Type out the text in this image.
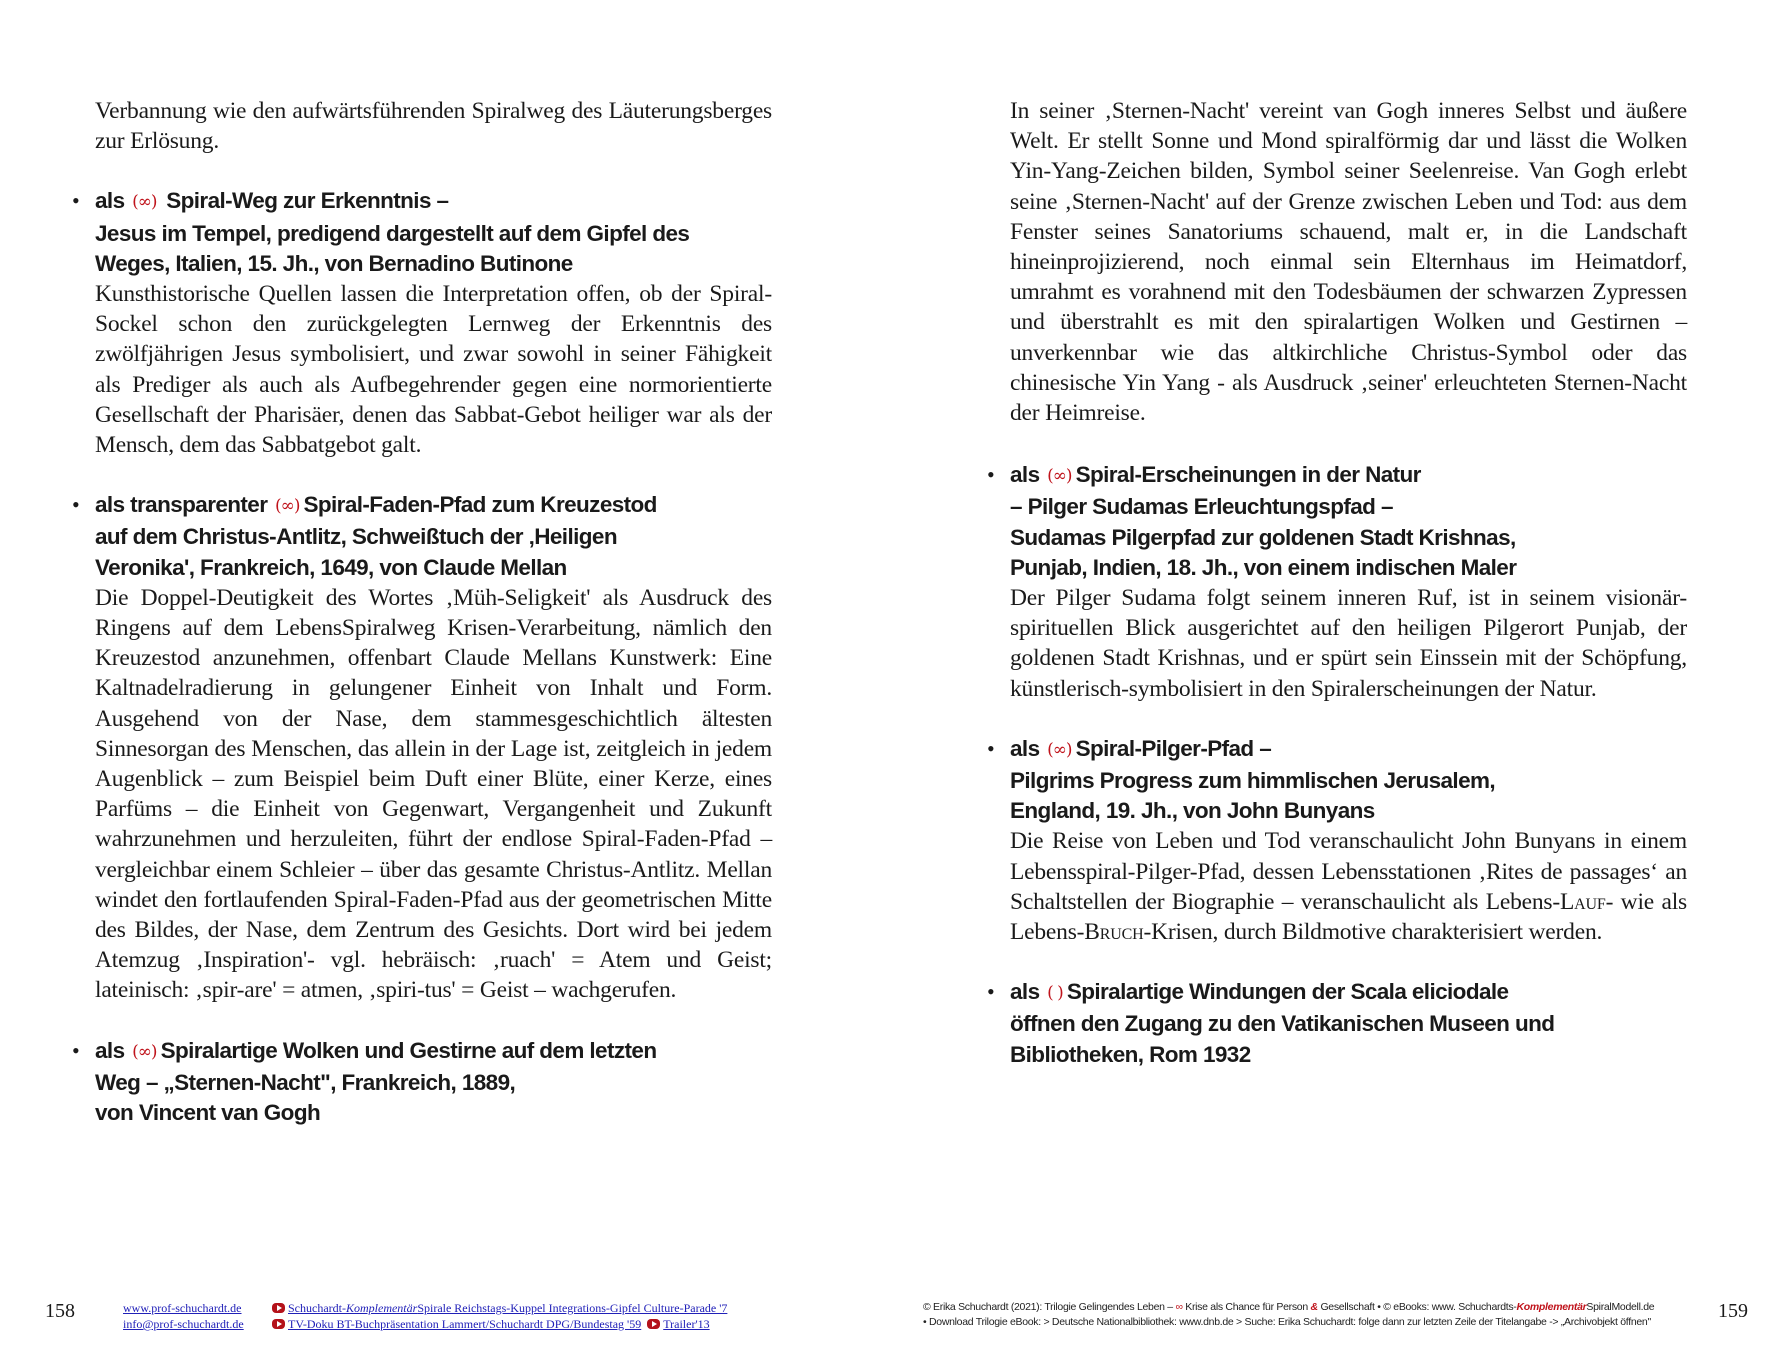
Verbannung wie den aufwärtsführenden Spiralweg des Läuterungsberges zur Erlösung.

• als (∞) Spiral-Weg zur Erkenntnis –
Jesus im Tempel, predigend dargestellt auf dem Gipfel des
Weges, Italien, 15. Jh., von Bernadino Butinone

Kunsthistorische Quellen lassen die Interpretation offen, ob der Spiral-Sockel schon den zurückgelegten Lernweg der Erkenntnis des zwölfjährigen Jesus symbolisiert, und zwar sowohl in seiner Fähigkeit als Prediger als auch als Aufbegehrender gegen eine normorientierte Gesellschaft der Pharisäer, denen das Sabbat-Gebot heiliger war als der Mensch, dem das Sabbatgebot galt.

• als transparenter (∞) Spiral-Faden-Pfad zum Kreuzestod
auf dem Christus-Antlitz, Schweißtuch der ‚Heiligen
Veronika', Frankreich, 1649, von Claude Mellan

Die Doppel-Deutigkeit des Wortes ‚Müh-Seligkeit' als Ausdruck des Ringens auf dem LebensSpiralweg Krisen-Verarbeitung, nämlich den Kreuzestod anzunehmen, offenbart Claude Mellans Kunstwerk: Eine Kaltnadelradierung in gelungener Einheit von Inhalt und Form. Ausgehend von der Nase, dem stammesgeschichtlich ältesten Sinnesorgan des Menschen, das allein in der Lage ist, zeitgleich in jedem Augenblick – zum Beispiel beim Duft einer Blüte, einer Kerze, eines Parfüms – die Einheit von Gegenwart, Vergangenheit und Zukunft wahrzunehmen und herzuleiten, führt der endlose Spiral-Faden-Pfad – vergleichbar einem Schleier – über das gesamte Christus-Antlitz. Mellan windet den fortlaufenden Spiral-Faden-Pfad aus der geometrischen Mitte des Bildes, der Nase, dem Zentrum des Gesichts. Dort wird bei jedem Atemzug ‚Inspiration'- vgl. hebräisch: ‚ruach' = Atem und Geist; lateinisch: ‚spir-are' = atmen, ‚spiri-tus' = Geist – wachgerufen.

• als (∞) Spiralartige Wolken und Gestirne auf dem letzten
Weg – „Sternen-Nacht", Frankreich, 1889,
von Vincent van Gogh
158	www.prof-schuchardt.de
info@prof-schuchardt.de
Schuchardt-KomplementärSpirale Reichstags-Kuppel Integrations-Gipfel Culture-Parade '7
TV-Doku BT-Buchpräsentation Lammert/Schuchardt DPG/Bundestag '59 Trailer'13

In seiner ‚Sternen-Nacht' vereint van Gogh inneres Selbst und äußere Welt. Er stellt Sonne und Mond spiralförmig dar und lässt die Wolken Yin-Yang-Zeichen bilden, Symbol seiner Seelenreise. Van Gogh erlebt seine ‚Sternen-Nacht' auf der Grenze zwischen Leben und Tod: aus dem Fenster seines Sanatoriums schauend, malt er, in die Landschaft hineinprojizierend, noch einmal sein Elternhaus im Heimatdorf, umrahmt es vorahnend mit den Todesbäumen der schwarzen Zypressen und überstrahlt es mit den spiralartigen Wolken und Gestirnen – unverkennbar wie das altkirchliche Christus-Symbol oder das chinesische Yin Yang - als Ausdruck ‚seiner' erleuchteten Sternen-Nacht der Heimreise.

• als (∞) Spiral-Erscheinungen in der Natur
– Pilger Sudamas Erleuchtungspfad –
Sudamas Pilgerpfad zur goldenen Stadt Krishnas,
Punjab, Indien, 18. Jh., von einem indischen Maler

Der Pilger Sudama folgt seinem inneren Ruf, ist in seinem visionär-spirituellen Blick ausgerichtet auf den heiligen Pilgerort Punjab, der goldenen Stadt Krishnas, und er spürt sein Einssein mit der Schöpfung, künstlerisch-symbolisiert in den Spiralerscheinungen der Natur.

• als (∞) Spiral-Pilger-Pfad –
Pilgrims Progress zum himmlischen Jerusalem,
England, 19. Jh., von John Bunyans

Die Reise von Leben und Tod veranschaulicht John Bunyans in einem Lebensspiral-Pilger-Pfad, dessen Lebensstationen ‚Rites de passages‘ an Schaltstellen der Biographie – veranschaulicht als Lebens-Lauf- wie als Lebens-Bruch-Krisen, durch Bildmotive charakterisiert werden.

• als ( ) Spiralartige Windungen der Scala eliciodale
öffnen den Zugang zu den Vatikanischen Museen und
Bibliotheken, Rom 1932
© Erika Schuchardt (2021): Trilogie Gelingendes Leben – ∞ Krise als Chance für Person & Gesellschaft • © eBooks: www. Schuchardts-KomplementärSpiralModell.de
• Download Trilogie eBook: > Deutsche Nationalbibliothek: www.dnb.de > Suche: Erika Schuchardt: folge dann zur letzten Zeile der Titelangabe -> „Archivobjekt öffnen"	159
